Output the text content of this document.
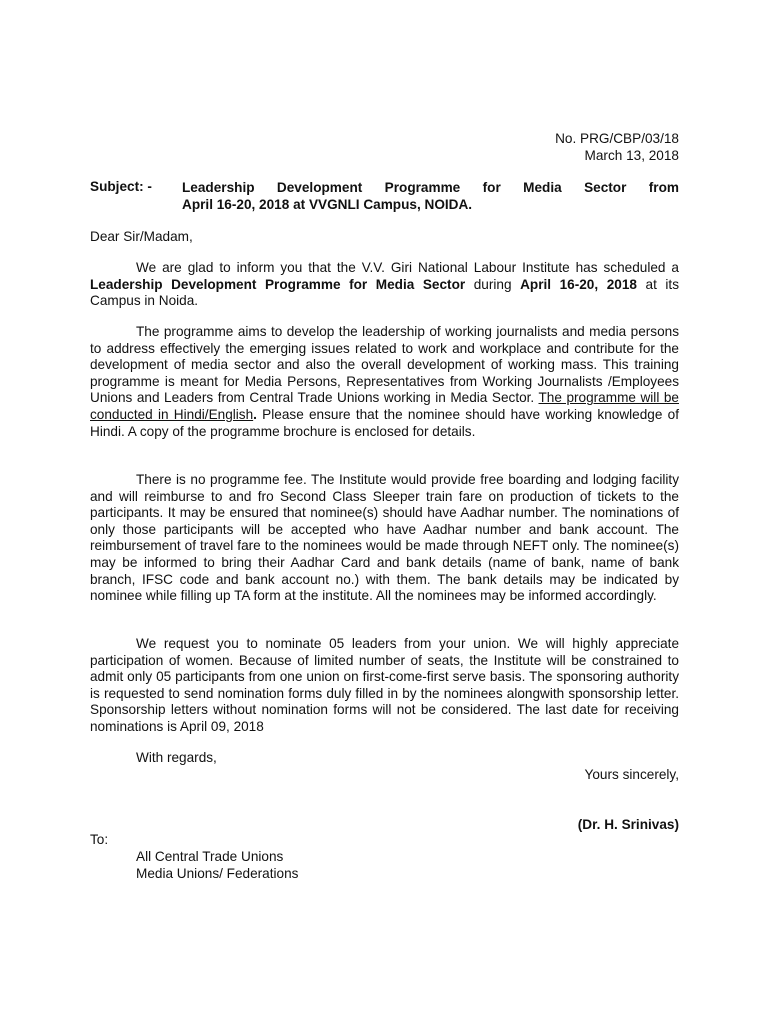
No. PRG/CBP/03/18
March 13, 2018
Subject: - Leadership Development Programme for Media Sector from
April 16-20, 2018 at VVGNLI Campus, NOIDA.
Dear Sir/Madam,

We are glad to inform you that the V.V. Giri National Labour Institute has scheduled a Leadership Development Programme for Media Sector during April 16-20, 2018 at its Campus in Noida.

The programme aims to develop the leadership of working journalists and media persons to address effectively the emerging issues related to work and workplace and contribute for the development of media sector and also the overall development of working mass. This training programme is meant for Media Persons, Representatives from Working Journalists /Employees Unions and Leaders from Central Trade Unions working in Media Sector. The programme will be conducted in Hindi/English. Please ensure that the nominee should have working knowledge of Hindi. A copy of the programme brochure is enclosed for details.

There is no programme fee. The Institute would provide free boarding and lodging facility and will reimburse to and fro Second Class Sleeper train fare on production of tickets to the participants. It may be ensured that nominee(s) should have Aadhar number. The nominations of only those participants will be accepted who have Aadhar number and bank account. The reimbursement of travel fare to the nominees would be made through NEFT only. The nominee(s) may be informed to bring their Aadhar Card and bank details (name of bank, name of bank branch, IFSC code and bank account no.) with them. The bank details may be indicated by nominee while filling up TA form at the institute. All the nominees may be informed accordingly.

We request you to nominate 05 leaders from your union. We will highly appreciate participation of women. Because of limited number of seats, the Institute will be constrained to admit only 05 participants from one union on first-come-first serve basis. The sponsoring authority is requested to send nomination forms duly filled in by the nominees alongwith sponsorship letter. Sponsorship letters without nomination forms will not be considered. The last date for receiving nominations is April 09, 2018

With regards,
Yours sincerely,
(Dr. H. Srinivas)
To:
All Central Trade Unions
Media Unions/ Federations
